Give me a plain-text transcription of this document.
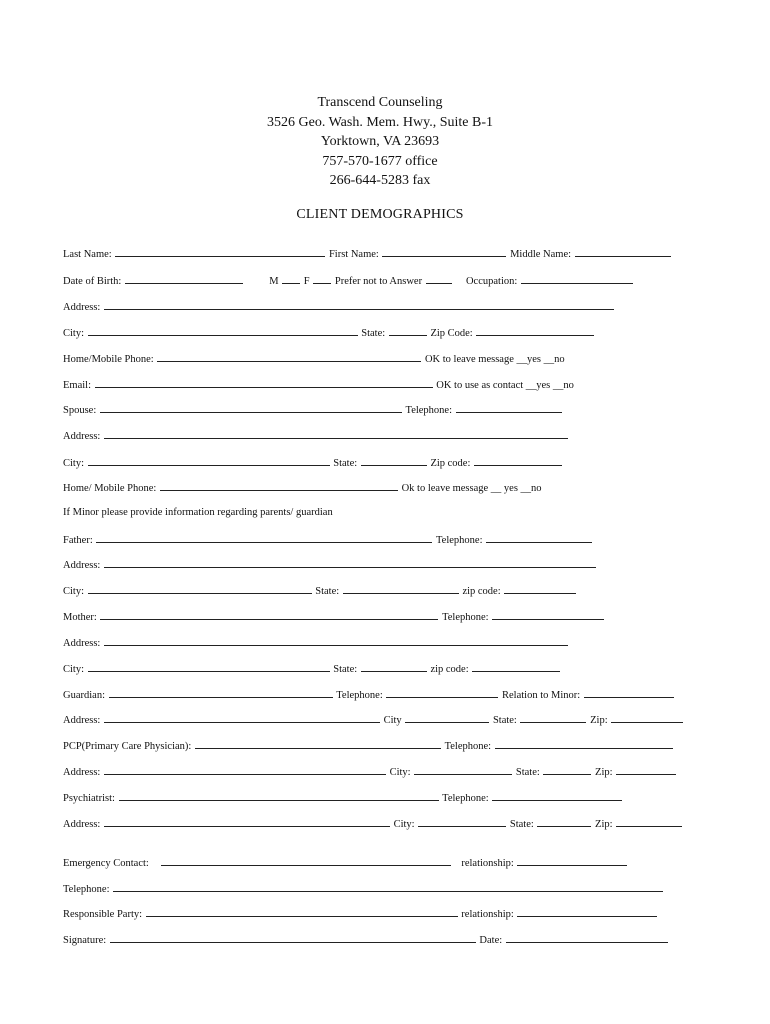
Transcend Counseling
3526 Geo. Wash. Mem. Hwy., Suite B-1
Yorktown, VA 23693
757-570-1677 office
266-644-5283 fax
CLIENT DEMOGRAPHICS
Last Name:	First Name:	Middle Name:
Date of Birth:	M F Prefer not to Answer	Occupation:
Address:
City:	State:	Zip Code:
Home/Mobile Phone:	OK to leave message __yes __no
Email:	OK to use as contact __yes __no
Spouse:	Telephone:
Address:
City:	State:	Zip code:
Home/ Mobile Phone:	Ok to leave message __ yes __no
If Minor please provide information regarding parents/ guardian
Father:	Telephone:
Address:
City:	State:	zip code:
Mother:	Telephone:
Address:
City:	State:	zip code:
Guardian:	Telephone:	Relation to Minor:
Address:	City	State:	Zip:
PCP(Primary Care Physician):	Telephone:
Address:	City:	State:	Zip:
Psychiatrist:	Telephone:
Address:	City:	State:	Zip:
Emergency Contact:	relationship:
Telephone:
Responsible Party:	relationship:
Signature:	Date:
